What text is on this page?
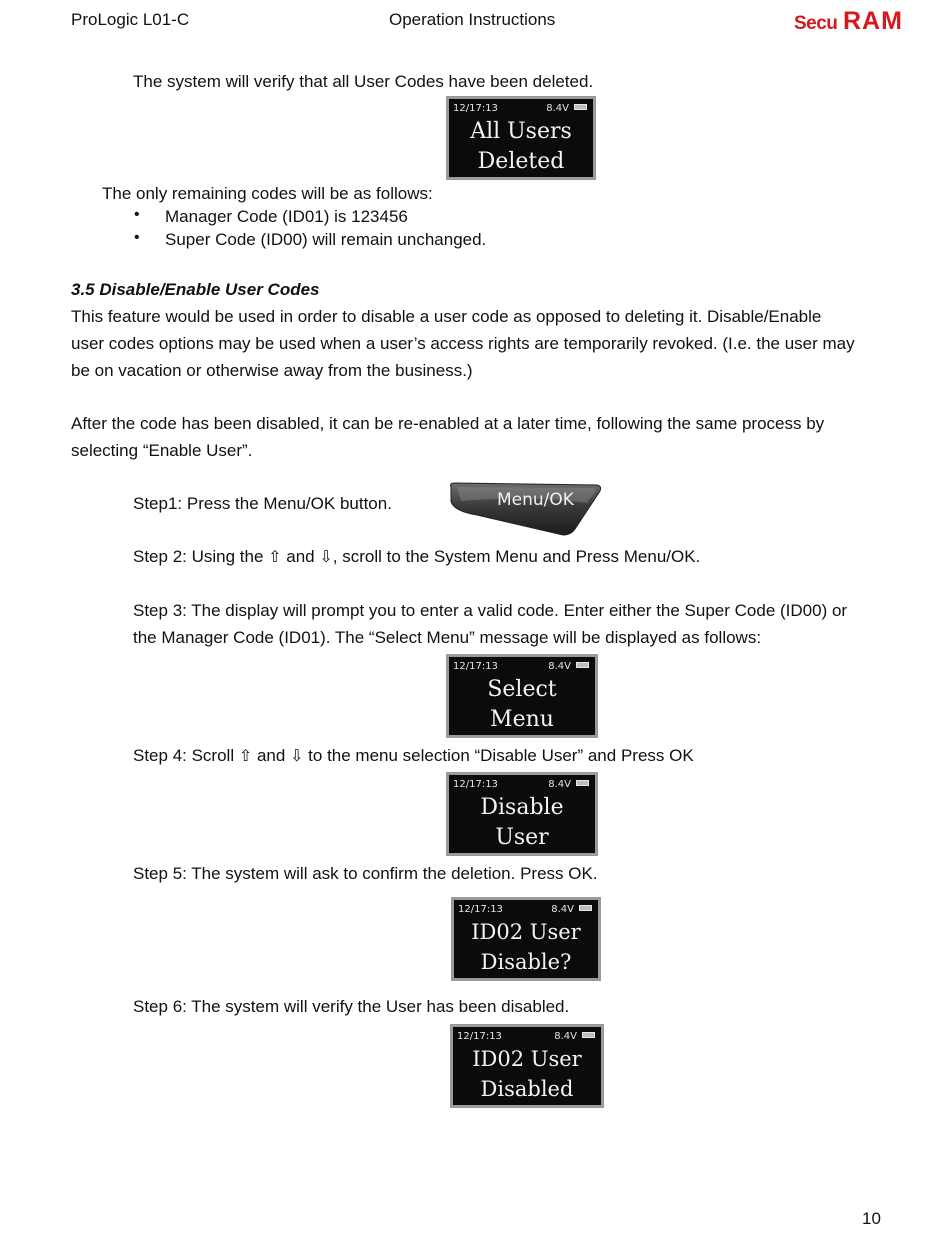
ProLogic L01-C	Operation Instructions	Secu RAM
The system will verify that all User Codes have been deleted.
12/17:13	8.4V
All Users
Deleted
The only remaining codes will be as follows:
• Manager Code (ID01) is 123456
• Super Code (ID00) will remain unchanged.
3.5 Disable/Enable User Codes
This feature would be used in order to disable a user code as opposed to deleting it. Disable/Enable
user codes options may be used when a user’s access rights are temporarily revoked. (I.e. the user may
be on vacation or otherwise away from the business.)
After the code has been disabled, it can be re-enabled at a later time, following the same process by
selecting “Enable User”.
Step1: Press the Menu/OK button.	Menu/OK
Step 2: Using the ⇧ and ⇩, scroll to the System Menu and Press Menu/OK.
Step 3: The display will prompt you to enter a valid code. Enter either the Super Code (ID00) or
the Manager Code (ID01). The “Select Menu” message will be displayed as follows:
12/17:13	8.4V
Select
Menu
Step 4: Scroll ⇧ and ⇩ to the menu selection “Disable User” and Press OK
12/17:13	8.4V
Disable
User
Step 5: The system will ask to confirm the deletion. Press OK.
12/17:13	8.4V
ID02 User
Disable?
Step 6: The system will verify the User has been disabled.
12/17:13	8.4V
ID02 User
Disabled
10
